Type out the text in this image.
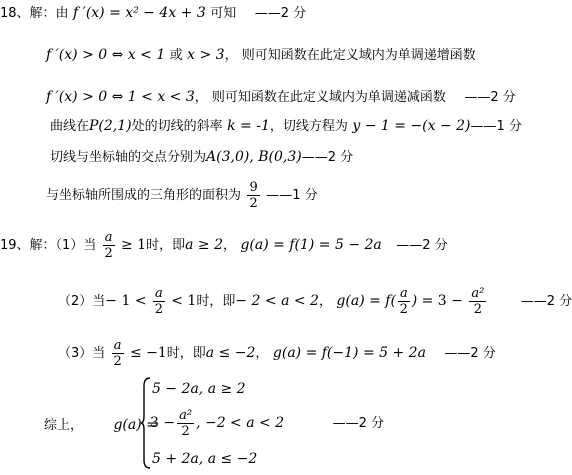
18、解：由 f ′(x) = x² − 4x + 3 可知 ——2 分
f ′(x) > 0 ⇔ x < 1 或 x > 3， 则可知函数在此定义域内为单调递增函数
f ′(x) > 0 ⇔ 1 < x < 3， 则可知函数在此定义域内为单调递减函数 ——2 分
曲线在P(2,1)处的切线的斜率 k = -1，切线方程为 y − 1 = −(x − 2)——1 分
切线与坐标轴的交点分别为A(3,0), B(0,3)——2 分
与坐标轴所围成的三角形的面积为 $\frac{9}{2}$ ——1 分
19、解：（1）当 $\frac{a}{2} \ge 1$时，即a ≥ 2， g(a) = f(1) = 5 − 2a ——2 分
（2）当− $1 < \frac{a}{2} < 1$时，即− 2 < a < 2， $g(a) = f( \frac{a}{2}$ ) = $3 - \frac{\text{a²}}{2}$	——2 分
（3）当 $\frac{a}{2} \le -1$时，即a ≤ −2， g(a) = f(−1) = 5 + 2a ——2 分
综上， g(a) =
5 − 2a, a ≥ 2
$3 - \frac{\text{a²}}{2}$ , −2 < a < 2	——2 分
5 + 2a, a ≤ −2
